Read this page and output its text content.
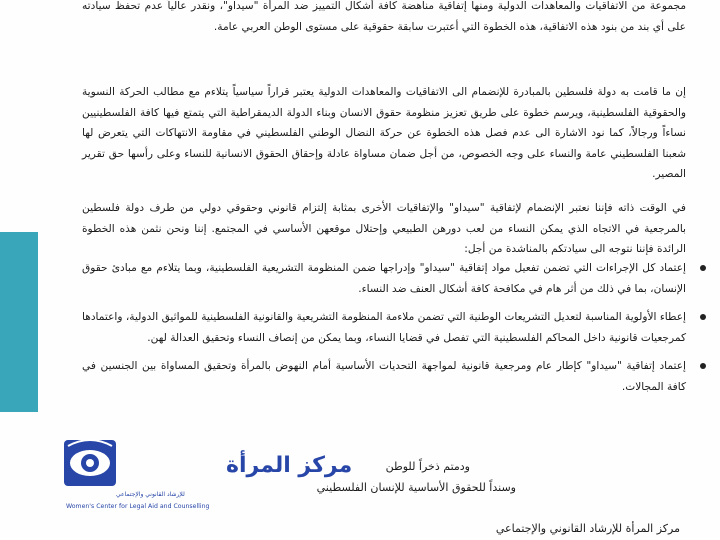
مجموعة من الاتفاقيات والمعاهدات الدولية ومنها إتفاقية مناهضة كافة أشكال التمييز ضد المرأة "سيداو"، ونقدر عالياً عدم تحفظ سيادته على أي بند من بنود هذه الاتفاقية، هذه الخطوة التي أعتبرت سابقة حقوقية على مستوى الوطن العربي عامة.

إن ما قامت به دولة فلسطين بالمبادرة للإنضمام الى الاتفاقيات والمعاهدات الدولية يعتبر قراراً سياسياً يتلاءم مع مطالب الحركة النسوية والحقوقية الفلسطينية، ويرسم خطوة على طريق تعزيز منظومة حقوق الانسان وبناء الدولة الديمقراطية التي يتمتع فيها كافة الفلسطينيين نساءاً ورجالاً، كما نود الاشارة الى عدم فصل هذه الخطوة عن حركة النضال الوطني الفلسطيني في مقاومة الانتهاكات التي يتعرض لها شعبنا الفلسطيني عامة والنساء على وجه الخصوص، من أجل ضمان مساواة عادلة وإحقاق الحقوق الانسانية للنساء وعلى رأسها حق تقرير المصير.

في الوقت ذاته فإننا نعتبر الإنضمام لإتفاقية "سيداو" والإتفاقيات الأخرى بمثابة إلتزام قانوني وحقوقي دولي من طرف دولة فلسطين بالمرجعية في الاتجاه الذي يمكن النساء من لعب دورهن الطبيعي وإحتلال موقعهن الأساسي في المجتمع. إننا ونحن نثمن هذه الخطوة الرائدة فإننا نتوجه الى سيادتكم بالمناشدة من أجل:

إعتماد كل الإجراءات التي تضمن تفعيل مواد إتفاقية "سيداو" وإدراجها ضمن المنظومة التشريعية الفلسطينية، وبما يتلاءم مع مبادئ حقوق الإنسان، بما في ذلك من أثر هام في مكافحة كافة أشكال العنف ضد النساء.
إعطاء الأولوية المناسبة لتعديل التشريعات الوطنية التي تضمن ملاءمة المنظومة التشريعية والقانونية الفلسطينية للمواثيق الدولية، واعتمادها كمرجعيات قانونية داخل المحاكم الفلسطينية التي تفصل في قضايا النساء، وبما يمكن من إنصاف النساء وتحقيق العدالة لهن.
إعتماد إتفاقية "سيداو" كإطار عام ومرجعية قانونية لمواجهة التحديات الأساسية أمام النهوض بالمرأة وتحقيق المساواة بين الجنسين في كافة المجالات.
ودمتم ذخراً للوطن
وسنداً للحقوق الأساسية للإنسان الفلسطيني
مركز المرأة
للإرشاد القانوني والإجتماعي
Women's Center for Legal Aid and Counselling
مركز المرأة للإرشاد القانوني والإجتماعي
